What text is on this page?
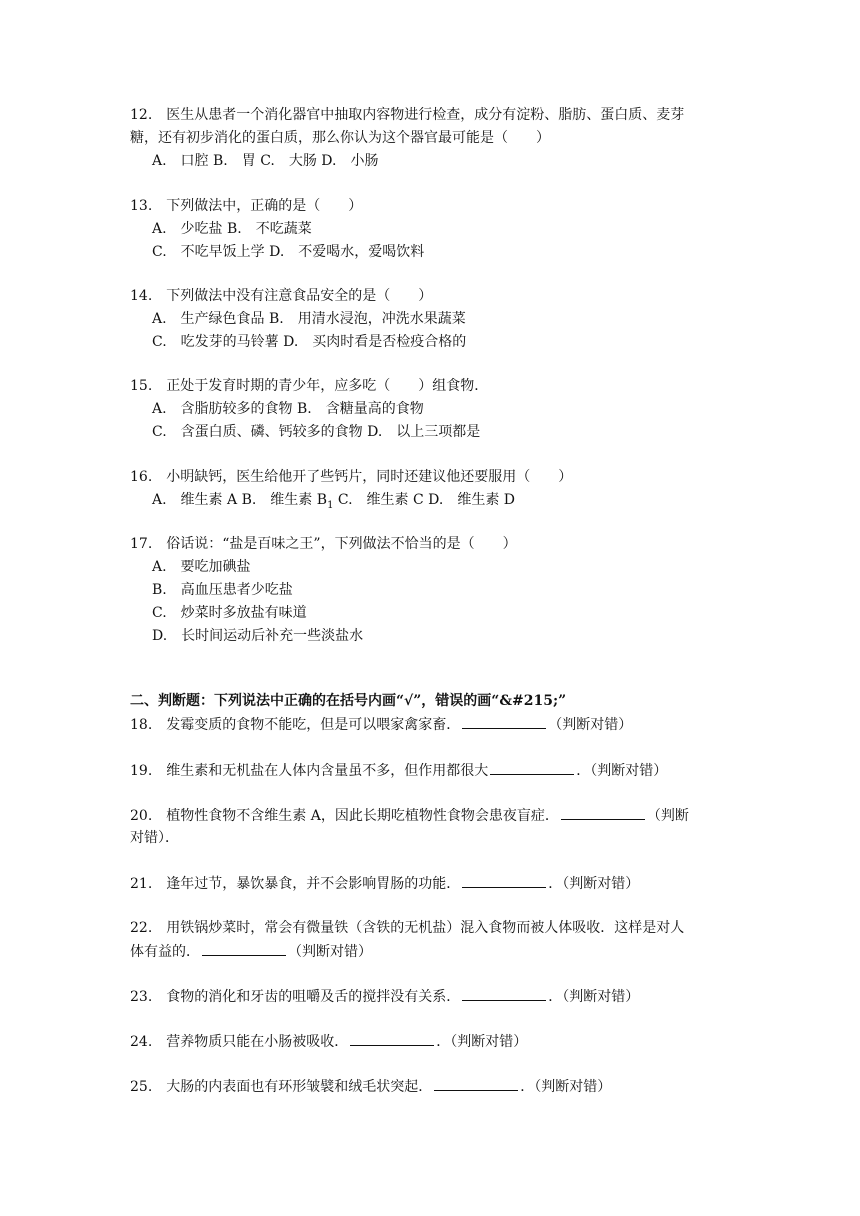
12.　医生从患者一个消化器官中抽取内容物进行检查，成分有淀粉、脂肪、蛋白质、麦芽
糖，还有初步消化的蛋白质，那么你认为这个器官最可能是（　　）
A.　口腔 B.　胃 C.　大肠 D.　小肠
13.　下列做法中，正确的是（　　）
A.　少吃盐 B.　不吃蔬菜
C.　不吃早饭上学 D.　不爱喝水，爱喝饮料
14.　下列做法中没有注意食品安全的是（　　）
A.　生产绿色食品 B.　用清水浸泡，冲洗水果蔬菜
C.　吃发芽的马铃薯 D.　买肉时看是否检疫合格的
15.　正处于发育时期的青少年，应多吃（　　）组食物．
A.　含脂肪较多的食物 B.　含糖量高的食物
C.　含蛋白质、磷、钙较多的食物 D.　以上三项都是
16.　小明缺钙，医生给他开了些钙片，同时还建议他还要服用（　　）
A.　维生素 A B.　维生素 $B_1$ C.　维生素 C D.　维生素 D
17.　俗话说：“盐是百味之王”，下列做法不恰当的是（　　）
A.　要吃加碘盐
B.　高血压患者少吃盐
C.　炒菜时多放盐有味道
D.　长时间运动后补充一些淡盐水
二、判断题：下列说法中正确的在括号内画“√”，错误的画“&#215;”
18.　发霉变质的食物不能吃，但是可以喂家禽家畜．	（判断对错）
19.　维生素和无机盐在人体内含量虽不多，但作用都很大	．（判断对错）
20.　植物性食物不含维生素 A，因此长期吃植物性食物会患夜盲症．	（判断
对错）．
21.　逢年过节，暴饮暴食，并不会影响胃肠的功能．	．（判断对错）
22.　用铁锅炒菜时，常会有微量铁（含铁的无机盐）混入食物而被人体吸收．这样是对人
体有益的．	（判断对错）
23.　食物的消化和牙齿的咀嚼及舌的搅拌没有关系．	．（判断对错）
24.　营养物质只能在小肠被吸收．	．（判断对错）
25.　大肠的内表面也有环形皱襞和绒毛状突起．	．（判断对错）
